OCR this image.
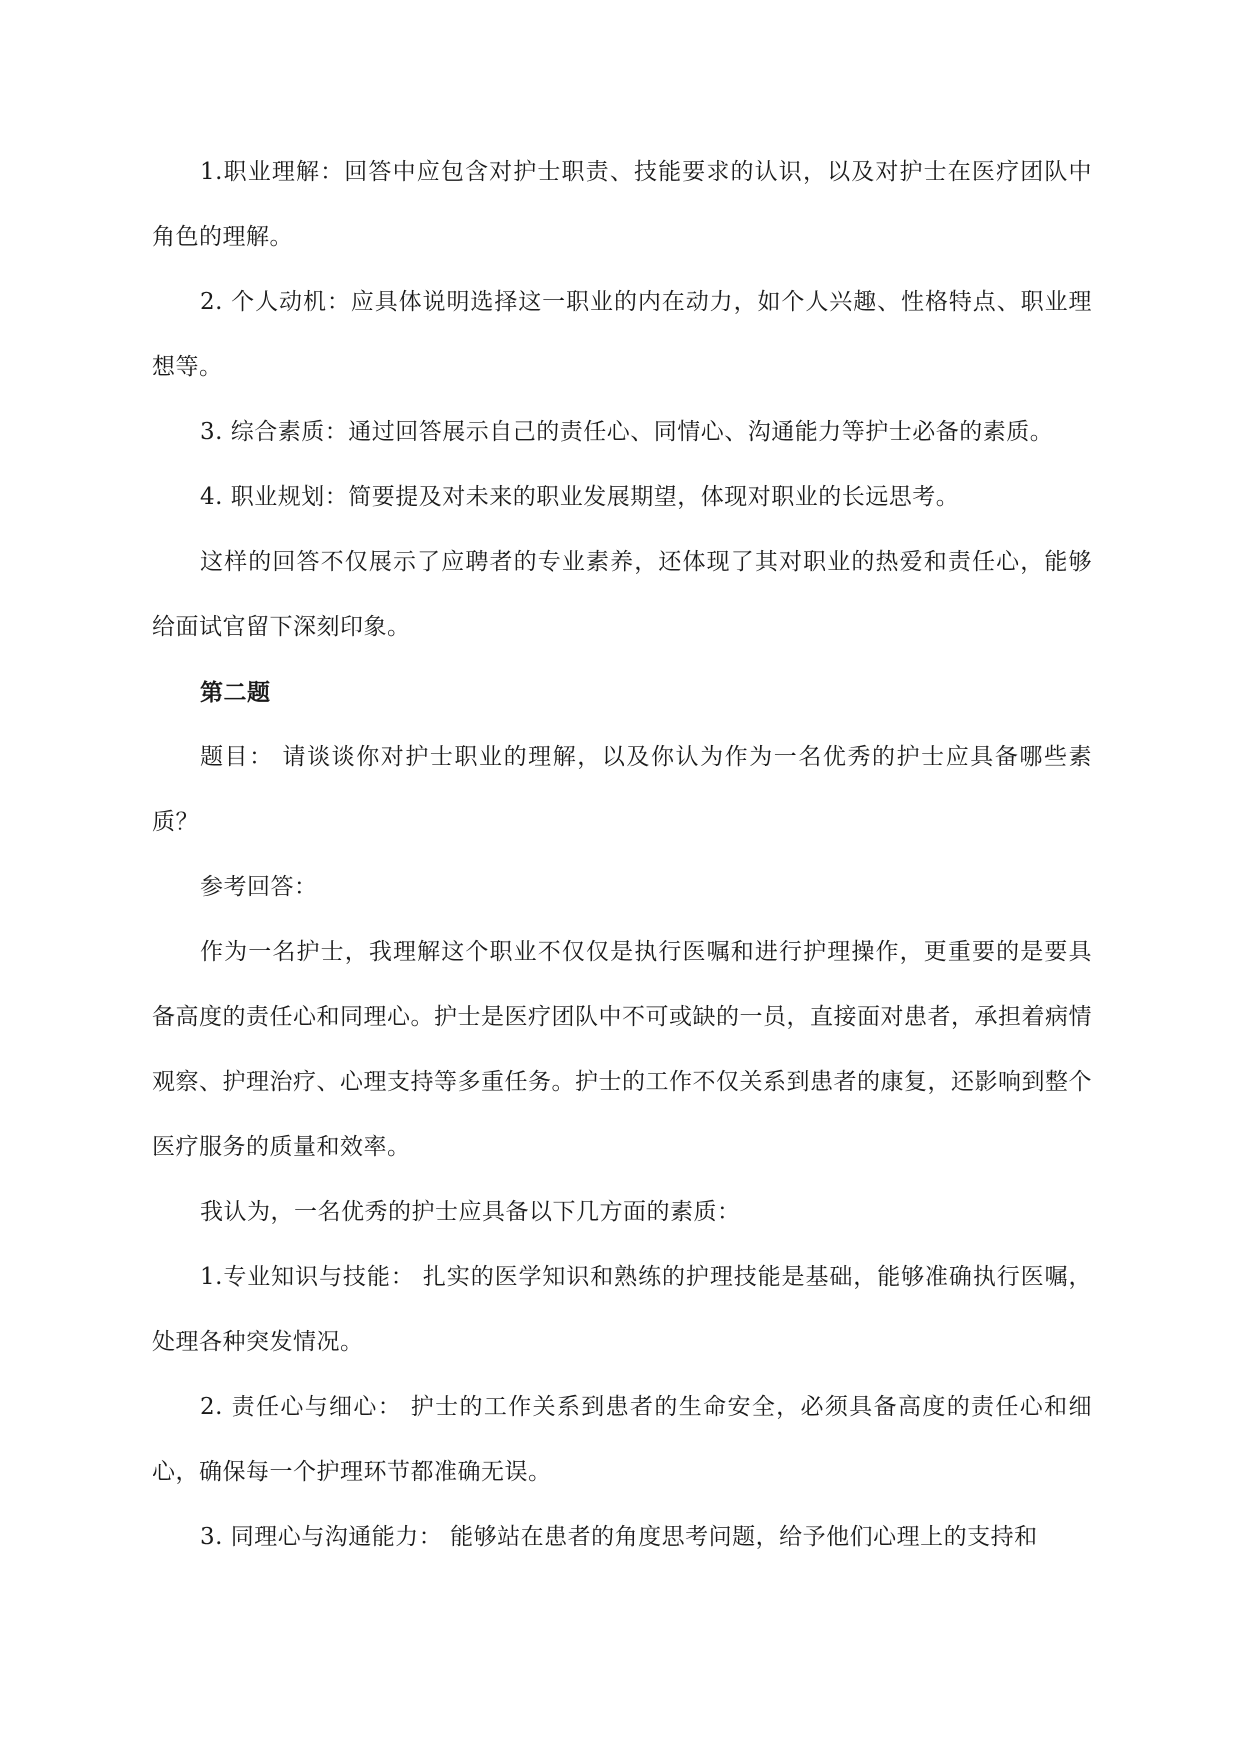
1.职业理解：回答中应包含对护士职责、技能要求的认识，以及对护士在医疗团队中角色的理解。

2. 个人动机：应具体说明选择这一职业的内在动力，如个人兴趣、性格特点、职业理想等。

3. 综合素质：通过回答展示自己的责任心、同情心、沟通能力等护士必备的素质。

4. 职业规划：简要提及对未来的职业发展期望，体现对职业的长远思考。

这样的回答不仅展示了应聘者的专业素养，还体现了其对职业的热爱和责任心，能够给面试官留下深刻印象。

第二题

题目： 请谈谈你对护士职业的理解，以及你认为作为一名优秀的护士应具备哪些素质？

参考回答：

作为一名护士，我理解这个职业不仅仅是执行医嘱和进行护理操作，更重要的是要具备高度的责任心和同理心。护士是医疗团队中不可或缺的一员，直接面对患者，承担着病情观察、护理治疗、心理支持等多重任务。护士的工作不仅关系到患者的康复，还影响到整个医疗服务的质量和效率。

我认为，一名优秀的护士应具备以下几方面的素质：

1.专业知识与技能： 扎实的医学知识和熟练的护理技能是基础，能够准确执行医嘱，处理各种突发情况。

2. 责任心与细心： 护士的工作关系到患者的生命安全，必须具备高度的责任心和细心，确保每一个护理环节都准确无误。

3. 同理心与沟通能力： 能够站在患者的角度思考问题，给予他们心理上的支持和
